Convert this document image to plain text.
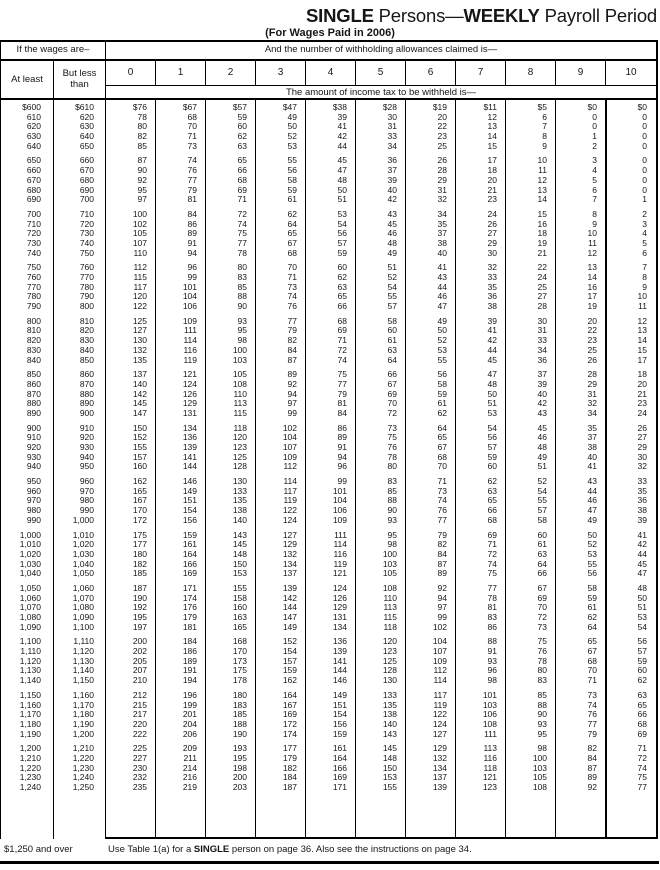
SINGLE Persons—WEEKLY Payroll Period
(For Wages Paid in 2006)
If the wages are–	And the number of withholding allowances claimed is—
At least
But less than
0	1	2	3	4	5	6	7	8	9	10
The amount of income tax to be withheld is—
$600	$610	$76	$67	$57	$47	$38	$28	$19	$11	$5	$0	$0
610	620	78	68	59	49	39	30	20	12	6	0	0
620	630	80	70	60	50	41	31	22	13	7	0	0
630	640	82	71	62	52	42	33	23	14	8	1	0
640	650	85	73	63	53	44	34	25	15	9	2	0
650	660	87	74	65	55	45	36	26	17	10	3	0
660	670	90	76	66	56	47	37	28	18	11	4	0
670	680	92	77	68	58	48	39	29	20	12	5	0
680	690	95	79	69	59	50	40	31	21	13	6	0
690	700	97	81	71	61	51	42	32	23	14	7	1
700	710	100	84	72	62	53	43	34	24	15	8	2
710	720	102	86	74	64	54	45	35	26	16	9	3
720	730	105	89	75	65	56	46	37	27	18	10	4
730	740	107	91	77	67	57	48	38	29	19	11	5
740	750	110	94	78	68	59	49	40	30	21	12	6
750	760	112	96	80	70	60	51	41	32	22	13	7
760	770	115	99	83	71	62	52	43	33	24	14	8
770	780	117	101	85	73	63	54	44	35	25	16	9
780	790	120	104	88	74	65	55	46	36	27	17	10
790	800	122	106	90	76	66	57	47	38	28	19	11
800	810	125	109	93	77	68	58	49	39	30	20	12
810	820	127	111	95	79	69	60	50	41	31	22	13
820	830	130	114	98	82	71	61	52	42	33	23	14
830	840	132	116	100	84	72	63	53	44	34	25	15
840	850	135	119	103	87	74	64	55	45	36	26	17
850	860	137	121	105	89	75	66	56	47	37	28	18
860	870	140	124	108	92	77	67	58	48	39	29	20
870	880	142	126	110	94	79	69	59	50	40	31	21
880	890	145	129	113	97	81	70	61	51	42	32	23
890	900	147	131	115	99	84	72	62	53	43	34	24
900	910	150	134	118	102	86	73	64	54	45	35	26
910	920	152	136	120	104	89	75	65	56	46	37	27
920	930	155	139	123	107	91	76	67	57	48	38	29
930	940	157	141	125	109	94	78	68	59	49	40	30
940	950	160	144	128	112	96	80	70	60	51	41	32
950	960	162	146	130	114	99	83	71	62	52	43	33
960	970	165	149	133	117	101	85	73	63	54	44	35
970	980	167	151	135	119	104	88	74	65	55	46	36
980	990	170	154	138	122	106	90	76	66	57	47	38
990	1,000	172	156	140	124	109	93	77	68	58	49	39
1,000	1,010	175	159	143	127	111	95	79	69	60	50	41
1,010	1,020	177	161	145	129	114	98	82	71	61	52	42
1,020	1,030	180	164	148	132	116	100	84	72	63	53	44
1,030	1,040	182	166	150	134	119	103	87	74	64	55	45
1,040	1,050	185	169	153	137	121	105	89	75	66	56	47
1,050	1,060	187	171	155	139	124	108	92	77	67	58	48
1,060	1,070	190	174	158	142	126	110	94	78	69	59	50
1,070	1,080	192	176	160	144	129	113	97	81	70	61	51
1,080	1,090	195	179	163	147	131	115	99	83	72	62	53
1,090	1,100	197	181	165	149	134	118	102	86	73	64	54
1,100	1,110	200	184	168	152	136	120	104	88	75	65	56
1,110	1,120	202	186	170	154	139	123	107	91	76	67	57
1,120	1,130	205	189	173	157	141	125	109	93	78	68	59
1,130	1,140	207	191	175	159	144	128	112	96	80	70	60
1,140	1,150	210	194	178	162	146	130	114	98	83	71	62
1,150	1,160	212	196	180	164	149	133	117	101	85	73	63
1,160	1,170	215	199	183	167	151	135	119	103	88	74	65
1,170	1,180	217	201	185	169	154	138	122	106	90	76	66
1,180	1,190	220	204	188	172	156	140	124	108	93	77	68
1,190	1,200	222	206	190	174	159	143	127	111	95	79	69
1,200	1,210	225	209	193	177	161	145	129	113	98	82	71
1,210	1,220	227	211	195	179	164	148	132	116	100	84	72
1,220	1,230	230	214	198	182	166	150	134	118	103	87	74
1,230	1,240	232	216	200	184	169	153	137	121	105	89	75
1,240	1,250	235	219	203	187	171	155	139	123	108	92	77
$1,250 and over	Use Table 1(a) for a SINGLE person on page 36. Also see the instructions on page 34.
